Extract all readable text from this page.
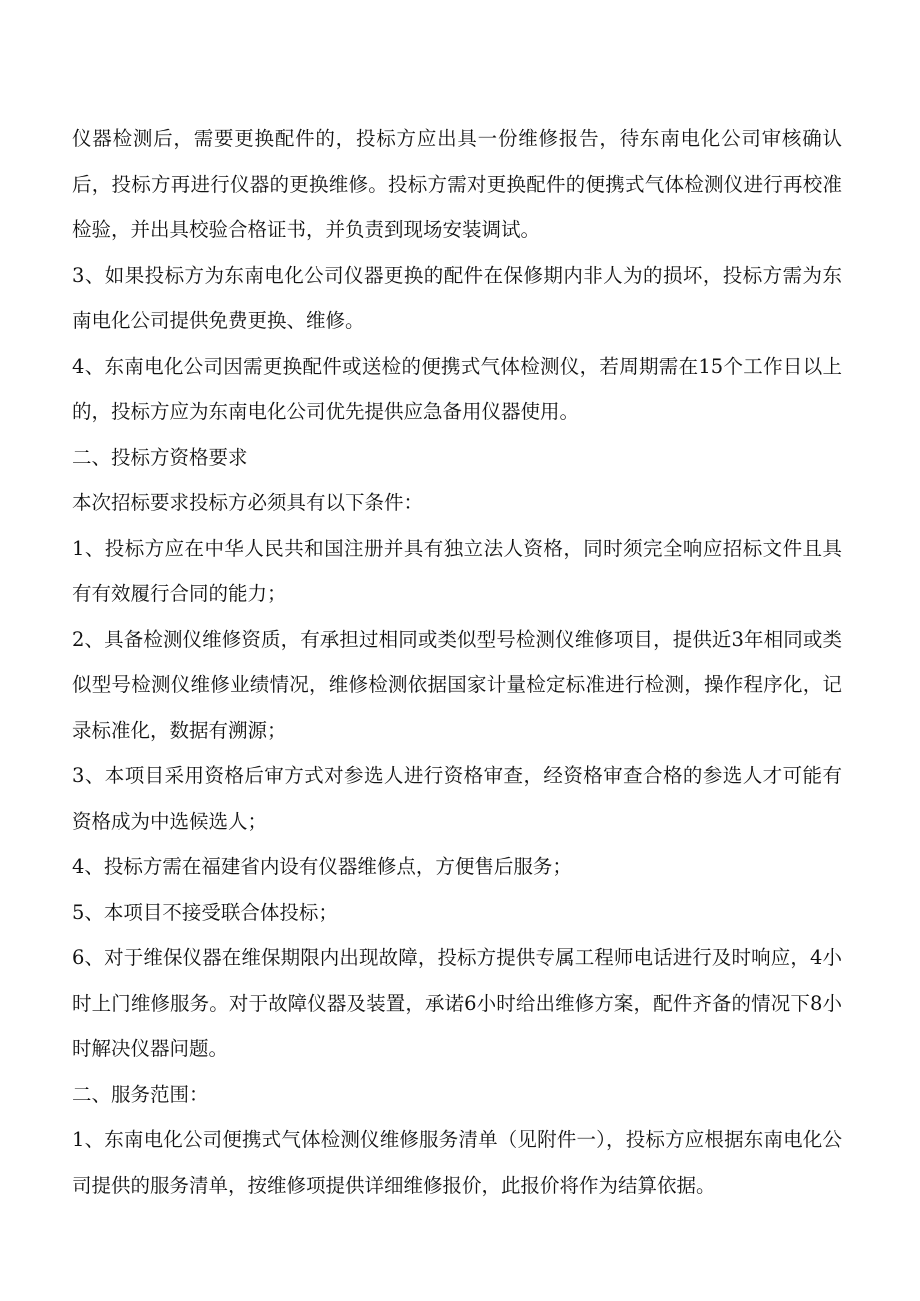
仪器检测后，需要更换配件的，投标方应出具一份维修报告，待东南电化公司审核确认后，投标方再进行仪器的更换维修。投标方需对更换配件的便携式气体检测仪进行再校准检验，并出具校验合格证书，并负责到现场安装调试。

3、如果投标方为东南电化公司仪器更换的配件在保修期内非人为的损坏，投标方需为东南电化公司提供免费更换、维修。

4、东南电化公司因需更换配件或送检的便携式气体检测仪，若周期需在15个工作日以上的，投标方应为东南电化公司优先提供应急备用仪器使用。

二、投标方资格要求

本次招标要求投标方必须具有以下条件：

1、投标方应在中华人民共和国注册并具有独立法人资格，同时须完全响应招标文件且具有有效履行合同的能力；

2、具备检测仪维修资质，有承担过相同或类似型号检测仪维修项目，提供近3年相同或类似型号检测仪维修业绩情况，维修检测依据国家计量检定标准进行检测，操作程序化，记录标准化，数据有溯源；

3、本项目采用资格后审方式对参选人进行资格审查，经资格审查合格的参选人才可能有资格成为中选候选人；

4、投标方需在福建省内设有仪器维修点，方便售后服务；

5、本项目不接受联合体投标；

6、对于维保仪器在维保期限内出现故障，投标方提供专属工程师电话进行及时响应，4小时上门维修服务。对于故障仪器及装置，承诺6小时给出维修方案，配件齐备的情况下8小时解决仪器问题。

二、服务范围：

1、东南电化公司便携式气体检测仪维修服务清单（见附件一），投标方应根据东南电化公司提供的服务清单，按维修项提供详细维修报价，此报价将作为结算依据。
